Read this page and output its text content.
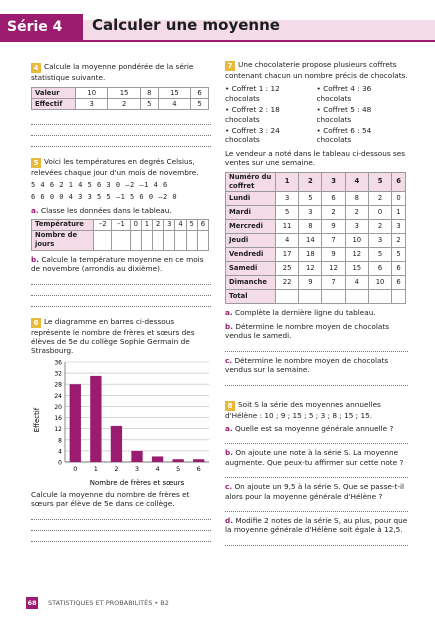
Série 4	Calculer une moyenne

4 Calcule la moyenne pondérée de la série statistique suivante.

Valeur	10	15	8	15	6
Effectif	3	2	5	4	5

5 Voici les températures en degrés Celsius, relevées chaque jour d'un mois de novembre.

5 4 6 2 1 4 5 6 3 0 –2 –1 4 6
6 6 0 0 4 3 3 5 5 –1 5 6 0 –2 0

a. Classe les données dans le tableau.

Température	–2	–1	0	1	2	3	4	5	6
Nombre de jours									

b. Calcule la température moyenne en ce mois de novembre (arrondis au dixième).

6 Le diagramme en barres ci-dessous représente le nombre de frères et sœurs des élèves de 5e du collège Sophie Germain de Strasbourg.

0
4
8
12
16
20
24
28
32
36
0	1	2	3	4	5	6
Effectif
Nombre de frères et sœurs

Calcule la moyenne du nombre de frères et sœurs par élève de 5e dans ce collège.

7 Une chocolaterie propose plusieurs coffrets contenant chacun un nombre précis de chocolats.

• Coffret 1 : 12 chocolats
• Coffret 4 : 36 chocolats
• Coffret 2 : 18 chocolats
• Coffret 5 : 48 chocolats
• Coffret 3 : 24 chocolats
• Coffret 6 : 54 chocolats

Le vendeur a noté dans le tableau ci-dessous ses ventes sur une semaine.

Numéro du coffret	1	2	3	4	5	6
Lundi	3	5	6	8	2	0
Mardi	5	3	2	2	0	1
Mercredi	11	8	9	3	2	3
Jeudi	4	14	7	10	3	2
Vendredi	17	18	9	12	5	5
Samedi	25	12	12	15	6	6
Dimanche	22	9	7	4	10	6
Total						

a. Complète la dernière ligne du tableau.

b. Détermine le nombre moyen de chocolats vendus le samedi.

c. Détermine le nombre moyen de chocolats vendus sur la semaine.

8 Soit S la série des moyennes annuelles d'Hélène : 10 ; 9 ; 15 ; 5 ; 3 ; 8 ; 15 ; 15.

a. Quelle est sa moyenne générale annuelle ?

b. On ajoute une note à la série S. La moyenne augmente. Que peux-tu affirmer sur cette note ?

c. On ajoute un 9,5 à la série S. Que se passe-t-il alors pour la moyenne générale d'Hélène ?

d. Modifie 2 notes de la série S, au plus, pour que la moyenne générale d'Hélène soit égale à 12,5.

68 STATISTIQUES ET PROBABILITÉS • B2
